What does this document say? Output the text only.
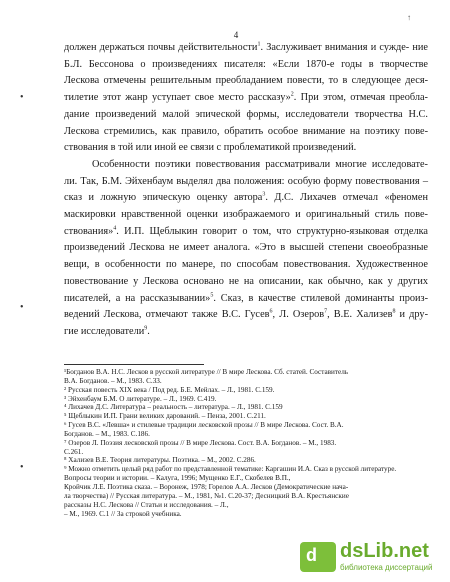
4
↑
•
•
•

должен держаться почвы действительности$^1$. Заслуживает внимания и сужде- ние Б.Л. Бессонова о произведениях писателя: «Если 1870-е годы в творчестве Лескова отмечены решительным преобладанием повести, то в следующее деся- тилетие этот жанр уступает свое место рассказу»$^2$. При этом, отмечая преобла- дание произведений малой эпической формы, исследователи творчества Н.С. Лескова стремились, как правило, обратить особое внимание на поэтику пове- ствования в той или иной ее связи с проблематикой произведений.

Особенности поэтики повествования рассматривали многие исследовате- ли. Так, Б.М. Эйхенбаум выделял два положения: особую форму повествования – сказ и ложную эпическую оценку автора$^3$. Д.С. Лихачев отмечал «феномен маскировки нравственной оценки изображаемого и оригинальный стиль пове- ствования»$^4$. И.П. Щеблыкин говорит о том, что структурно-языковая отделка произведений Лескова не имеет аналога. «Это в высшей степени своеобразные вещи, в особенности по манере, по способам повествования. Художественное повествование у Лескова основано не на описании, как обычно, как у других писателей, а на рассказывании»$^5$. Сказ, в качестве стилевой доминанты произ- ведений Лескова, отмечают также В.С. Гусев$^6$, Л. Озеров$^7$, В.Е. Хализев$^8$ и дру- гие исследователи$^9$.

¹Богданов В.А. Н.С. Лесков в русской литературе // В мире Лескова. Сб. статей. Составитель
В.А. Богданов. – М., 1983. С.33.
² Русская повесть XIX века / Под ред. Б.Е. Мейлах. – Л., 1981. С.159.
³ Эйхенбаум Б.М. О литературе. – Л., 1969. С.419.
⁴ Лихачев Д.С. Литература – реальность – литература. – Л., 1981. С.159
⁵ Щеблыкин И.П. Грани великих дарований. – Пенза, 2001. С.211.
⁶ Гусев В.С. «Левша» и стилевые традиции лесковской прозы // В мире Лескова. Сост. В.А.
Богданов. – М., 1983. С.186.
⁷ Озеров Л. Поэзия лесковской прозы // В мире Лескова. Сост. В.А. Богданов. – М., 1983.
С.261.
⁸ Хализев В.Е. Теория литературы. Поэтика. – М., 2002. С.286.
⁹ Можно отметить целый ряд работ по представленной тематике: Каргашин И.А. Сказ в русской литературе. Вопросы теории и истории. – Калуга, 1996; Мущенко Е.Г., Скобелев В.П.,
Кройчик Л.Е. Поэтика сказа. – Воронеж, 1978; Горелов А.А. Лесков (Демократические нача-
ла творчества) // Русская литература. – М., 1981, №1. С.20-37; Десницкий В.А. Крестьянские
рассказы Н.С. Лескова // Статьи и исследования. – Л.,
– М., 1969. С.1 // За строкой учебника.
d dsLib.net
библиотека диссертаций
